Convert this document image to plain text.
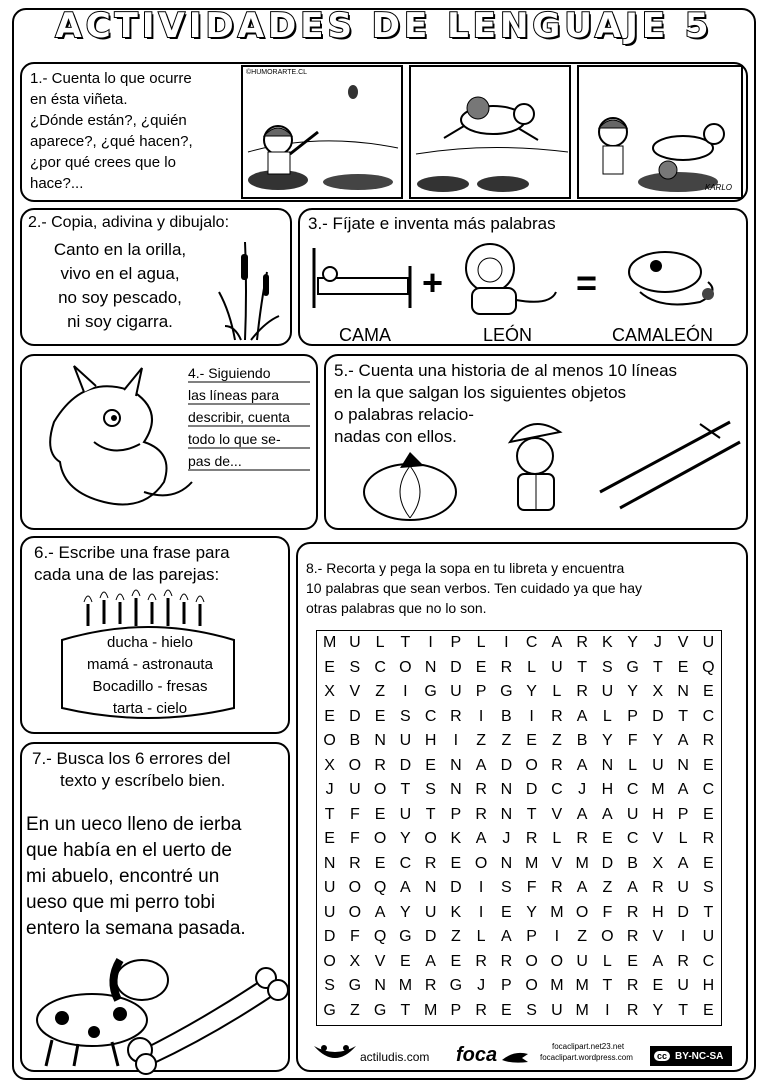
ACTIVIDADES DE LENGUAJE 5
1.- Cuenta lo que ocurre
en ésta viñeta.
¿Dónde están?, ¿quién
aparece?, ¿qué hacen?,
¿por qué crees que lo
hace?...
©HUMORARTE.CL
KARLO
2.- Copia, adivina y dibujalo:
Canto en la orilla,
vivo en el agua,
no soy pescado,
ni soy cigarra.
3.- Fíjate e inventa más palabras
+	=
CAMA	LEÓN	CAMALEÓN
4.- Siguiendo
las líneas para
describir, cuenta
todo lo que se-
pas de...
5.- Cuenta una historia de al menos 10 líneas
en la que salgan los siguientes objetos
o palabras relacio-
nadas con ellos.
6.- Escribe una frase para
cada una de las parejas:
ducha - hielo
mamá - astronauta
Bocadillo - fresas
tarta - cielo
7.- Busca los 6 errores del
texto y escríbelo bien.
En un ueco lleno de ierba
que había en el uerto de
mi abuelo, encontré un
ueso que mi perro tobi
entero la semana pasada.
8.- Recorta y pega la sopa en tu libreta y encuentra
10 palabras que sean verbos. Ten cuidado ya que hay
otras palabras que no lo son.
M U L T	I	P L	I	C A R K Y J V U
E S C O N D E R L U T S G T E Q
X V Z	I	G U P G Y L R U Y X N E
E D E S C R	I	B	I	R A L P D T C
O B N U H	I	Z Z E Z B Y F Y A R
X O R D E N A D O R A N L U N E
J U O T S N R N D C J H C M A C
T F E U T P R N T V A A U H P E
E F O Y O K A J R L R E C V L R
N R E C R E O N M V M D B X A E
U O Q A N D	I	S F R A Z A R U S
U O A Y U K	I	E Y M O F R H D T
D F Q G D Z L A P	I	Z O R V	I	U
O X V E A E R R O O U L E A R C
S G N M R G J P O M M T R E U H
G Z G T M P R E S U M	I	R Y T E
actiludis.com foca	focaclipart.net23.net
focaclipart.wordpress.com	cc BY-NC-SA
